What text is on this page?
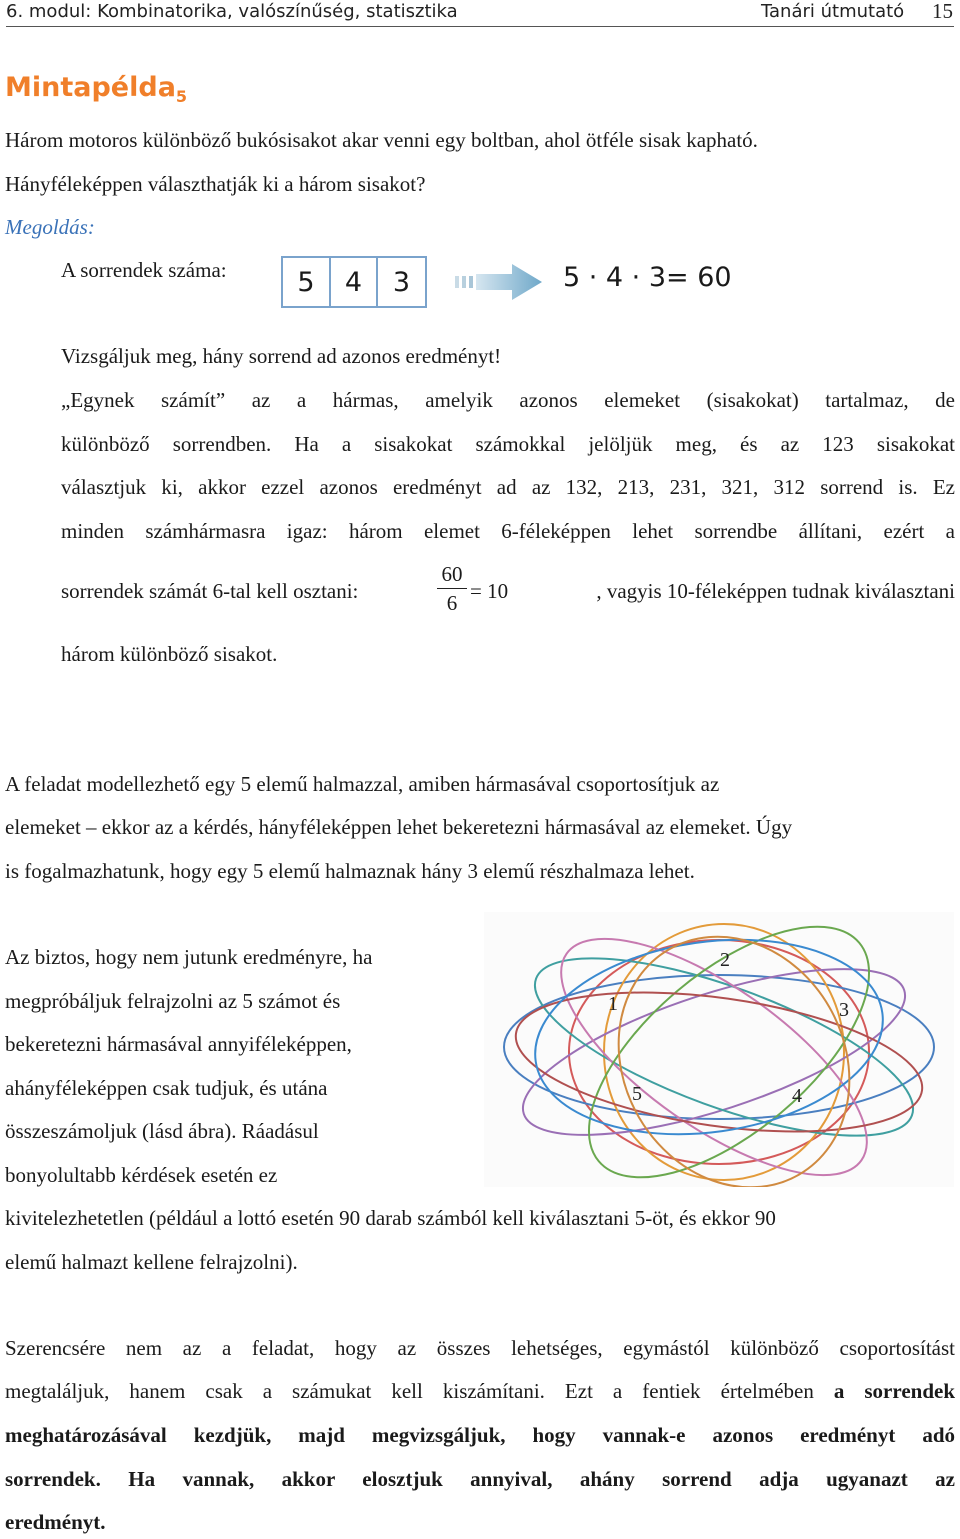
6. modul: Kombinatorika, valószínűség, statisztika	Tanári útmutató 15
Mintapélda$_5$
Három motoros különböző bukósisakot akar venni egy boltban, ahol ötféle sisak kapható.
Hányféleképpen választhatják ki a három sisakot?
Megoldás:
A sorrendek száma:	5	4	3	5 · 4 · 3= 60
Vizsgáljuk meg, hány sorrend ad azonos eredményt!
„Egynek számít” az a hármas, amelyik azonos elemeket (sisakokat) tartalmaz, de
különböző sorrendben. Ha a sisakokat számokkal jelöljük meg, és az 123 sisakokat
választjuk ki, akkor ezzel azonos eredményt ad az 132, 213, 231, 321, 312 sorrend is. Ez
minden számhármasra igaz: három elemet 6-féleképpen lehet sorrendbe állítani, ezért a
sorrendek számát 6-tal kell osztani:
60
6 = 10	, vagyis 10-féleképpen tudnak kiválasztani
három különböző sisakot.
A feladat modellezhető egy 5 elemű halmazzal, amiben hármasával csoportosítjuk az
elemeket – ekkor az a kérdés, hányféleképpen lehet bekeretezni hármasával az elemeket. Úgy
is fogalmazhatunk, hogy egy 5 elemű halmaznak hány 3 elemű részhalmaza lehet.
Az biztos, hogy nem jutunk eredményre, ha
megpróbáljuk felrajzolni az 5 számot és
bekeretezni hármasával annyiféleképpen,
ahányféleképpen csak tudjuk, és utána
összeszámoljuk (lásd ábra). Ráadásul
bonyolultabb kérdések esetén ez
kivitelezhetetlen (például a lottó esetén 90 darab számból kell kiválasztani 5-öt, és ekkor 90
elemű halmazt kellene felrajzolni).
2
1	3
5	4
Szerencsére nem az a feladat, hogy az összes lehetséges, egymástól különböző csoportosítást
megtaláljuk, hanem csak a számukat kell kiszámítani. Ezt a fentiek értelmében a sorrendek
meghatározásával kezdjük, majd megvizsgáljuk, hogy vannak-e azonos eredményt adó
sorrendek. Ha vannak, akkor elosztjuk annyival, ahány sorrend adja ugyanazt az
eredményt.
